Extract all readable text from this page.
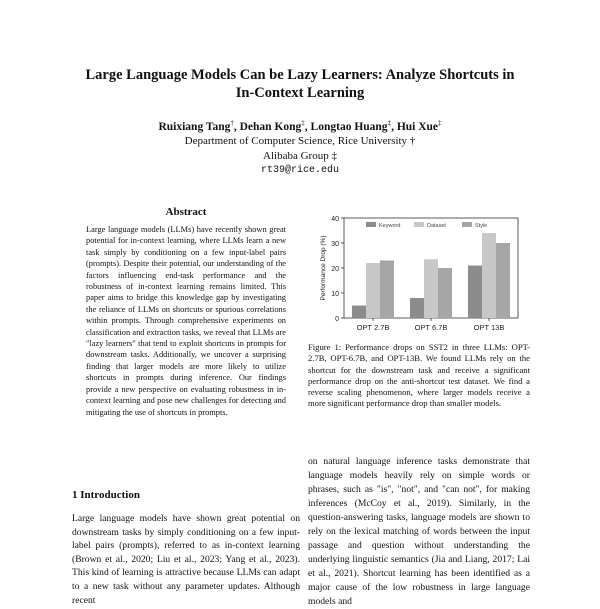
Large Language Models Can be Lazy Learners: Analyze Shortcuts in
In-Context Learning
Ruixiang Tang†, Dehan Kong‡, Longtao Huang‡, Hui Xue‡
Department of Computer Science, Rice University †
Alibaba Group ‡
rt39@rice.edu
Abstract
Large language models (LLMs) have recently shown great potential for in-context learning, where LLMs learn a new task simply by conditioning on a few input-label pairs (prompts). Despite their potential, our understanding of the factors influencing end-task performance and the robustness of in-context learning remains limited. This paper aims to bridge this knowledge gap by investigating the reliance of LLMs on shortcuts or spurious correlations within prompts. Through comprehensive experiments on classification and extraction tasks, we reveal that LLMs are "lazy learners" that tend to exploit shortcuts in prompts for downstream tasks. Additionally, we uncover a surprising finding that larger models are more likely to utilize shortcuts in prompts during inference. Our findings provide a new perspective on evaluating robustness in in-context learning and pose new challenges for detecting and mitigating the use of shortcuts in prompts.
1 Introduction
Large language models have shown great potential on downstream tasks by simply conditioning on a few input-label pairs (prompts), referred to as in-context learning (Brown et al., 2020; Liu et al., 2023; Yang et al., 2023). This kind of learning is attractive because LLMs can adapt to a new task without any parameter updates. Although recent
0
10
20
30
40
Performance Drop (%)
OPT 2.7B	OPT 6.7B	OPT 13B
Keyword	Dataset	Style
Figure 1: Performance drops on SST2 in three LLMs: OPT-2.7B, OPT-6.7B, and OPT-13B. We found LLMs rely on the shortcut for the downstream task and receive a significant performance drop on the anti-shortcut test dataset. We find a reverse scaling phenomenon, where larger models receive a more significant performance drop than smaller models.
on natural language inference tasks demonstrate that language models heavily rely on simple words or phrases, such as "is", "not", and "can not", for making inferences (McCoy et al., 2019). Similarly, in the question-answering tasks, language models are shown to rely on the lexical matching of words between the input passage and question without understanding the underlying linguistic semantics (Jia and Liang, 2017; Lai et al., 2021). Shortcut learning has been identified as a major cause of the low robustness in large language models and
